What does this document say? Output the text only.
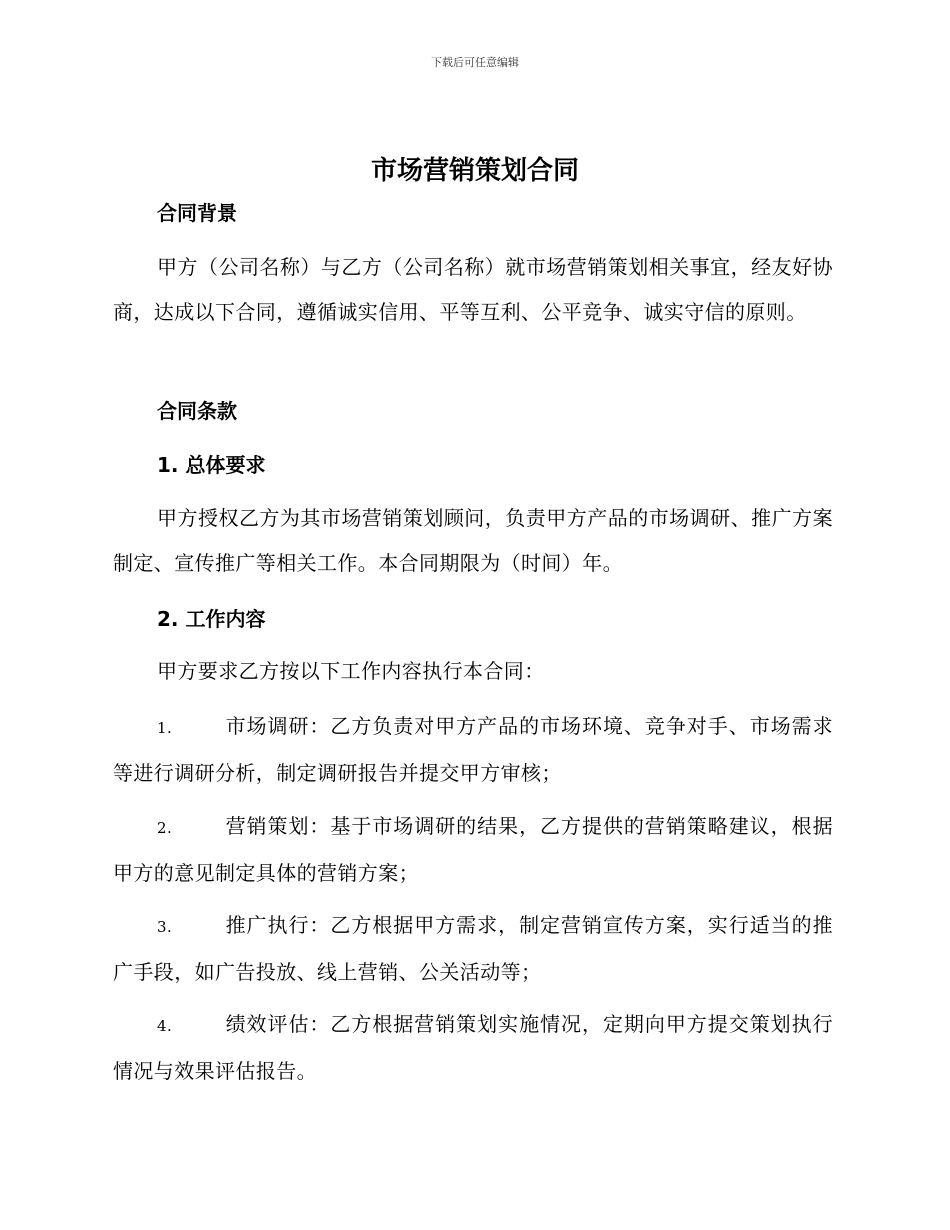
下载后可任意编辑
市场营销策划合同
合同背景
甲方（公司名称）与乙方（公司名称）就市场营销策划相关事宜，经友好协商，达成以下合同，遵循诚实信用、平等互利、公平竞争、诚实守信的原则。
合同条款
1. 总体要求
甲方授权乙方为其市场营销策划顾问，负责甲方产品的市场调研、推广方案制定、宣传推广等相关工作。本合同期限为（时间）年。
2. 工作内容
甲方要求乙方按以下工作内容执行本合同：
1.	市场调研：乙方负责对甲方产品的市场环境、竞争对手、市场需求等进行调研分析，制定调研报告并提交甲方审核；
2.	营销策划：基于市场调研的结果，乙方提供的营销策略建议，根据甲方的意见制定具体的营销方案；
3.	推广执行：乙方根据甲方需求，制定营销宣传方案，实行适当的推广手段，如广告投放、线上营销、公关活动等；
4.	绩效评估：乙方根据营销策划实施情况，定期向甲方提交策划执行情况与效果评估报告。
